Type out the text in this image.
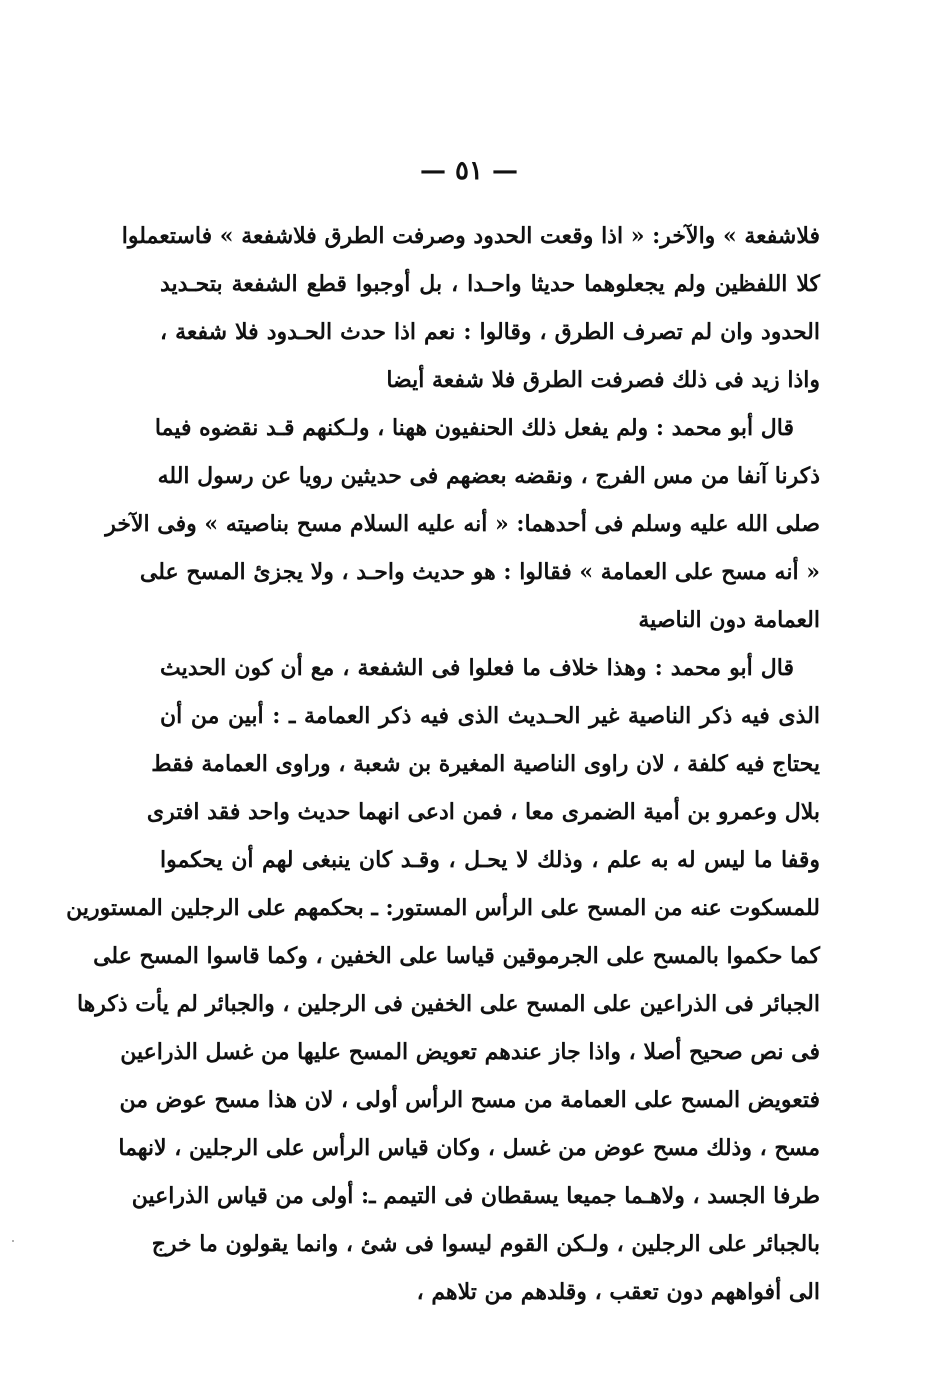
— ٥١ —
فلاشفعة » والآخر: « اذا وقعت الحدود وصرفت الطرق فلاشفعة » فاستعملوا
كلا اللفظين ولم يجعلوهما حديثا واحـدا ، بل أوجبوا قطع الشفعة بتحـديد
الحدود وان لم تصرف الطرق ، وقالوا : نعم اذا حدث الحـدود فلا شفعة ،
واذا زيد فى ذلك فصرفت الطرق فلا شفعة أيضا
قال أبو محمد : ولم يفعل ذلك الحنفيون ههنا ، ولـكنهم قـد نقضوه فيما
ذكرنا آنفا من مس الفرج ، ونقضه بعضهم فى حديثين رويا عن رسول الله
صلى الله عليه وسلم فى أحدهما: « أنه عليه السلام مسح بناصيته » وفى الآخر
« أنه مسح على العمامة » فقالوا : هو حديث واحـد ، ولا يجزئ المسح على
العمامة دون الناصية
قال أبو محمد : وهذا خلاف ما فعلوا فى الشفعة ، مع أن كون الحديث
الذى فيه ذكر الناصية غير الحـديث الذى فيه ذكر العمامة ـ : أبين من أن
يحتاج فيه كلفة ، لان راوى الناصية المغيرة بن شعبة ، وراوى العمامة فقط
بلال وعمرو بن أمية الضمرى معا ، فمن ادعى انهما حديث واحد فقد افترى
وقفا ما ليس له به علم ، وذلك لا يحـل ، وقـد كان ينبغى لهم أن يحكموا
للمسكوت عنه من المسح على الرأس المستور: ـ بحكمهم على الرجلين المستورين
كما حكموا بالمسح على الجرموقين قياسا على الخفين ، وكما قاسوا المسح على
الجبائر فى الذراعين على المسح على الخفين فى الرجلين ، والجبائر لم يأت ذكرها
فى نص صحيح أصلا ، واذا جاز عندهم تعويض المسح عليها من غسل الذراعين
فتعويض المسح على العمامة من مسح الرأس أولى ، لان هذا مسح عوض من
مسح ، وذلك مسح عوض من غسل ، وكان قياس الرأس على الرجلين ، لانهما
طرفا الجسد ، ولاهـما جميعا يسقطان فى التيمم ـ: أولى من قياس الذراعين
بالجبائر على الرجلين ، ولـكن القوم ليسوا فى شئ ، وانما يقولون ما خرج
الى أفواههم دون تعقب ، وقلدهم من تلاهم ،
